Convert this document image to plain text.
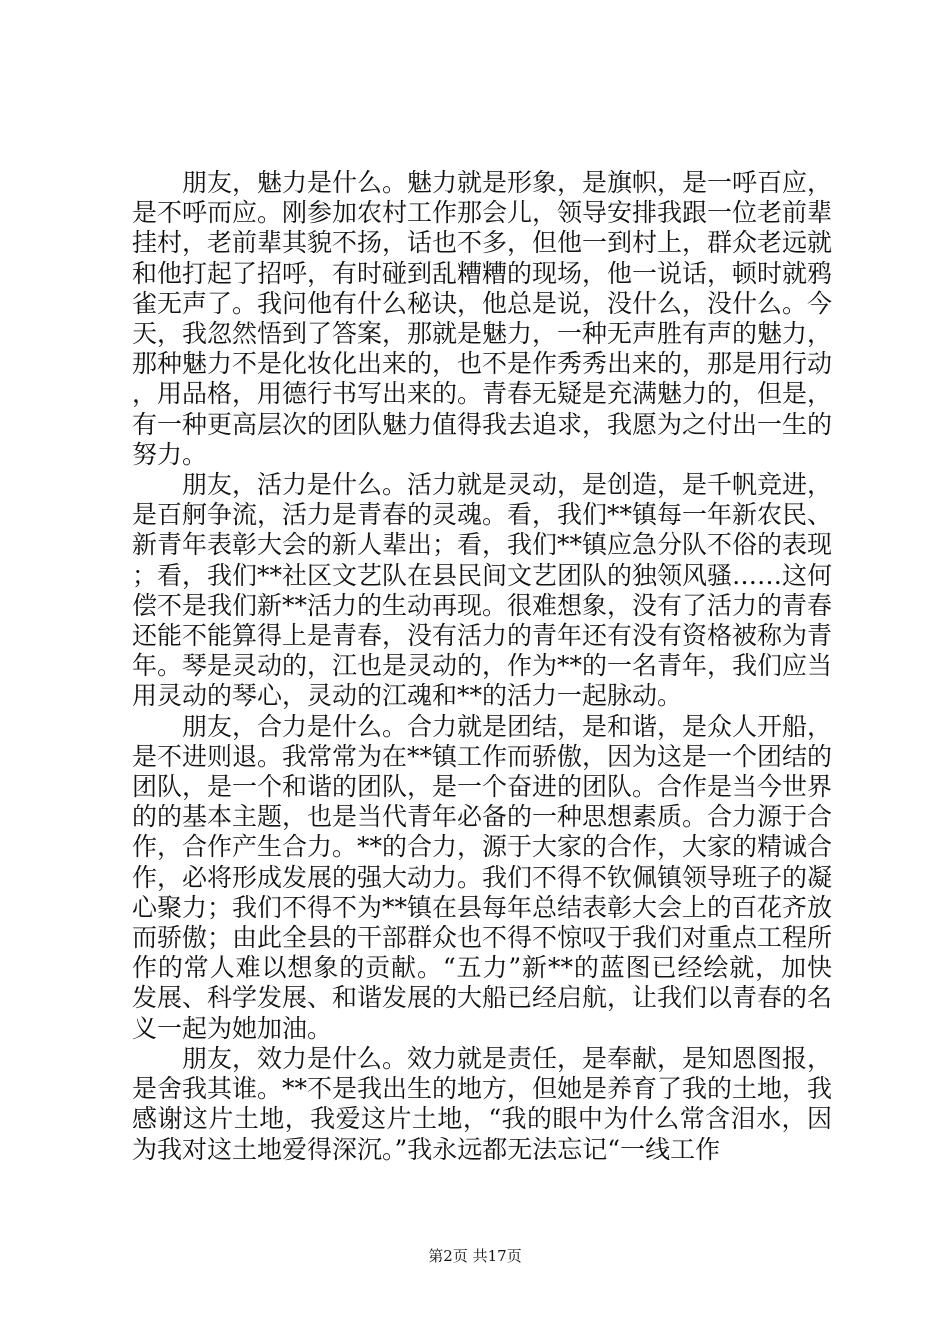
朋友，魅力是什么。魅力就是形象，是旗帜，是一呼百应，是不呼而应。刚参加农村工作那会儿，领导安排我跟一位老前辈挂村，老前辈其貌不扬，话也不多，但他一到村上，群众老远就和他打起了招呼，有时碰到乱糟糟的现场，他一说话，顿时就鸦雀无声了。我问他有什么秘诀，他总是说，没什么，没什么。今天，我忽然悟到了答案，那就是魅力，一种无声胜有声的魅力，那种魅力不是化妆化出来的，也不是作秀秀出来的，那是用行动，用品格，用德行书写出来的。青春无疑是充满魅力的，但是，有一种更高层次的团队魅力值得我去追求，我愿为之付出一生的努力。

朋友，活力是什么。活力就是灵动，是创造，是千帆竞进，是百舸争流，活力是青春的灵魂。看，我们**镇每一年新农民、新青年表彰大会的新人辈出；看，我们**镇应急分队不俗的表现；看，我们**社区文艺队在县民间文艺团队的独领风骚……这何偿不是我们新**活力的生动再现。很难想象，没有了活力的青春还能不能算得上是青春，没有活力的青年还有没有资格被称为青年。琴是灵动的，江也是灵动的，作为**的一名青年，我们应当用灵动的琴心，灵动的江魂和**的活力一起脉动。

朋友，合力是什么。合力就是团结，是和谐，是众人开船，是不进则退。我常常为在**镇工作而骄傲，因为这是一个团结的团队，是一个和谐的团队，是一个奋进的团队。合作是当今世界的的基本主题，也是当代青年必备的一种思想素质。合力源于合作，合作产生合力。**的合力，源于大家的合作，大家的精诚合作，必将形成发展的强大动力。我们不得不钦佩镇领导班子的凝心聚力；我们不得不为**镇在县每年总结表彰大会上的百花齐放而骄傲；由此全县的干部群众也不得不惊叹于我们对重点工程所作的常人难以想象的贡献。“五力”新**的蓝图已经绘就，加快发展、科学发展、和谐发展的大船已经启航，让我们以青春的名义一起为她加油。

朋友，效力是什么。效力就是责任，是奉献，是知恩图报，是舍我其谁。**不是我出生的地方，但她是养育了我的土地，我感谢这片土地，我爱这片土地，“我的眼中为什么常含泪水，因为我对这土地爱得深沉。”我永远都无法忘记“一线工作

第2页 共17页
